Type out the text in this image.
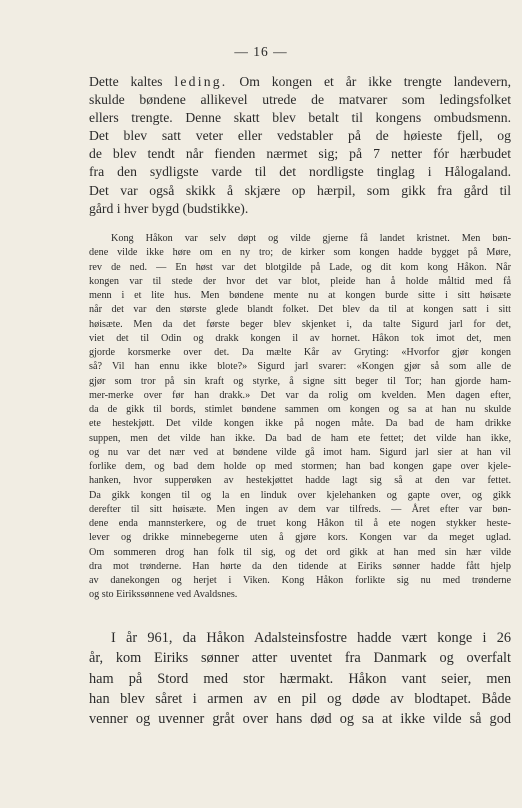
— 16 —
Dette kaltes leding. Om kongen et år ikke trengte landevern,
skulde bøndene allikevel utrede de matvarer som ledingsfolket
ellers trengte. Denne skatt blev betalt til kongens ombudsmenn.
Det blev satt veter eller vedstabler på de høieste fjell, og
de blev tendt når fienden nærmet sig; på 7 netter fór hærbudet
fra den sydligste varde til det nordligste tinglag i Hålogaland.
Det var også skikk å skjære op hærpil, som gikk fra gård til
gård i hver bygd (budstikke).
Kong Håkon var selv døpt og vilde gjerne få landet kristnet. Men bøn-
dene vilde ikke høre om en ny tro; de kirker som kongen hadde bygget på Møre,
rev de ned. — En høst var det blotgilde på Lade, og dit kom kong Håkon. Når
kongen var til stede der hvor det var blot, pleide han å holde måltid med få
menn i et lite hus. Men bøndene mente nu at kongen burde sitte i sitt høisæte
når det var den største glede blandt folket. Det blev da til at kongen satt i sitt
høisæte. Men da det første beger blev skjenket i, da talte Sigurd jarl for det,
viet det til Odin og drakk kongen il av hornet. Håkon tok imot det, men
gjorde korsmerke over det. Da mælte Kår av Gryting: «Hvorfor gjør kongen
så? Vil han ennu ikke blote?» Sigurd jarl svarer: «Kongen gjør så som alle de
gjør som tror på sin kraft og styrke, å signe sitt beger til Tor; han gjorde ham-
mer-merke over før han drakk.» Det var da rolig om kvelden. Men dagen efter,
da de gikk til bords, stimlet bøndene sammen om kongen og sa at han nu skulde
ete hestekjøtt. Det vilde kongen ikke på nogen måte. Da bad de ham drikke
suppen, men det vilde han ikke. Da bad de ham ete fettet; det vilde han ikke,
og nu var det nær ved at bøndene vilde gå imot ham. Sigurd jarl sier at han vil
forlike dem, og bad dem holde op med stormen; han bad kongen gape over kjele-
hanken, hvor supperøken av hestekjøttet hadde lagt sig så at den var fettet.
Da gikk kongen til og la en linduk over kjelehanken og gapte over, og gikk
derefter til sitt høisæte. Men ingen av dem var tilfreds. — Året efter var bøn-
dene enda mannsterkere, og de truet kong Håkon til å ete nogen stykker heste-
lever og drikke minnebegerne uten å gjøre kors. Kongen var da meget uglad.
Om sommeren drog han folk til sig, og det ord gikk at han med sin hær vilde
dra mot trønderne. Han hørte da den tidende at Eiriks sønner hadde fått hjelp
av danekongen og herjet i Viken. Kong Håkon forlikte sig nu med trønderne
og sto Eirikssønnene ved Avaldsnes.
I år 961, da Håkon Adalsteinsfostre hadde vært konge i 26
år, kom Eiriks sønner atter uventet fra Danmark og overfalt
ham på Stord med stor hærmakt. Håkon vant seier, men
han blev såret i armen av en pil og døde av blodtapet. Både
venner og uvenner gråt over hans død og sa at ikke vilde så god
